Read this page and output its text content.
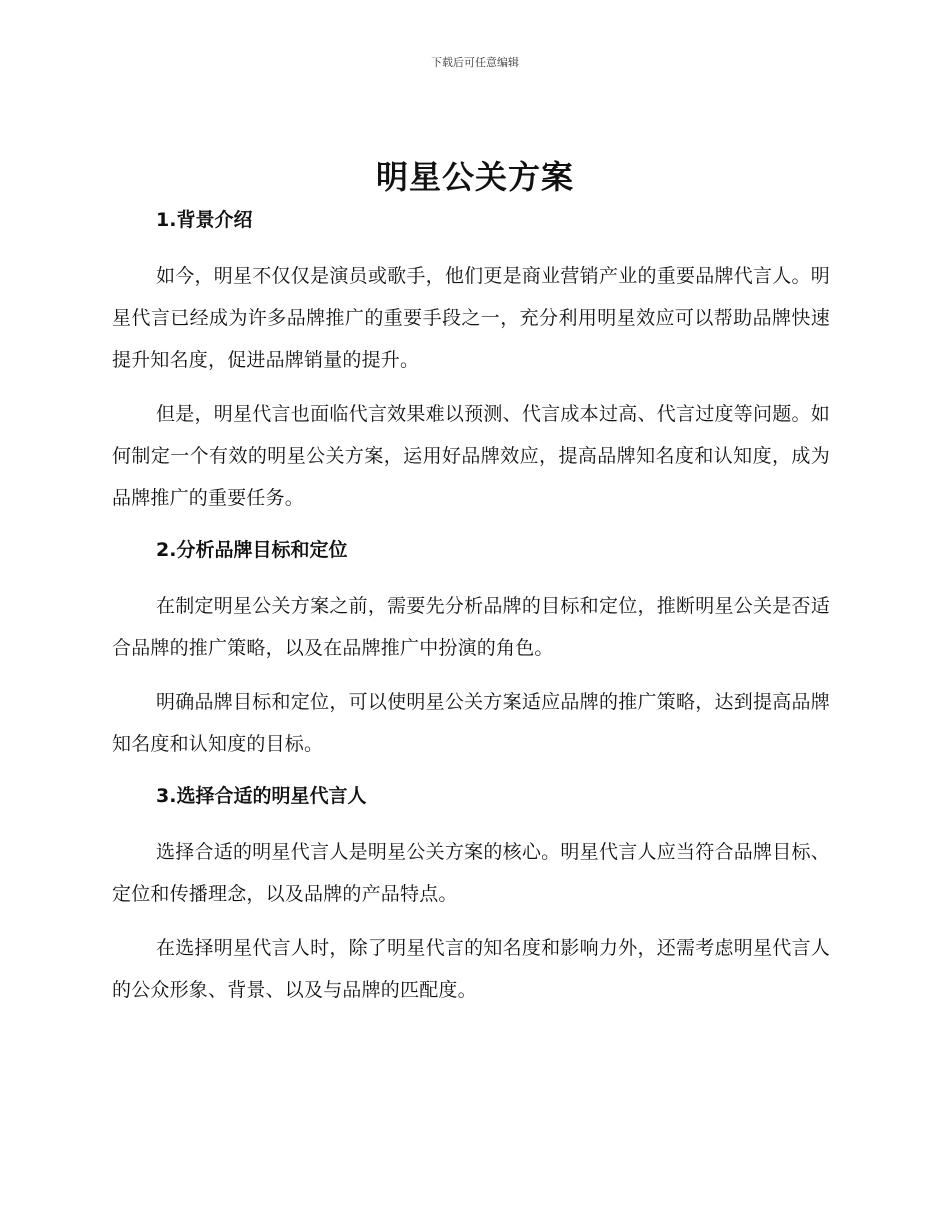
下载后可任意编辑
明星公关方案
1.背景介绍

如今，明星不仅仅是演员或歌手，他们更是商业营销产业的重要品牌代言人。明星代言已经成为许多品牌推广的重要手段之一，充分利用明星效应可以帮助品牌快速提升知名度，促进品牌销量的提升。

但是，明星代言也面临代言效果难以预测、代言成本过高、代言过度等问题。如何制定一个有效的明星公关方案，运用好品牌效应，提高品牌知名度和认知度，成为品牌推广的重要任务。

2.分析品牌目标和定位

在制定明星公关方案之前，需要先分析品牌的目标和定位，推断明星公关是否适合品牌的推广策略，以及在品牌推广中扮演的角色。

明确品牌目标和定位，可以使明星公关方案适应品牌的推广策略，达到提高品牌知名度和认知度的目标。

3.选择合适的明星代言人

选择合适的明星代言人是明星公关方案的核心。明星代言人应当符合品牌目标、定位和传播理念，以及品牌的产品特点。

在选择明星代言人时，除了明星代言的知名度和影响力外，还需考虑明星代言人的公众形象、背景、以及与品牌的匹配度。
